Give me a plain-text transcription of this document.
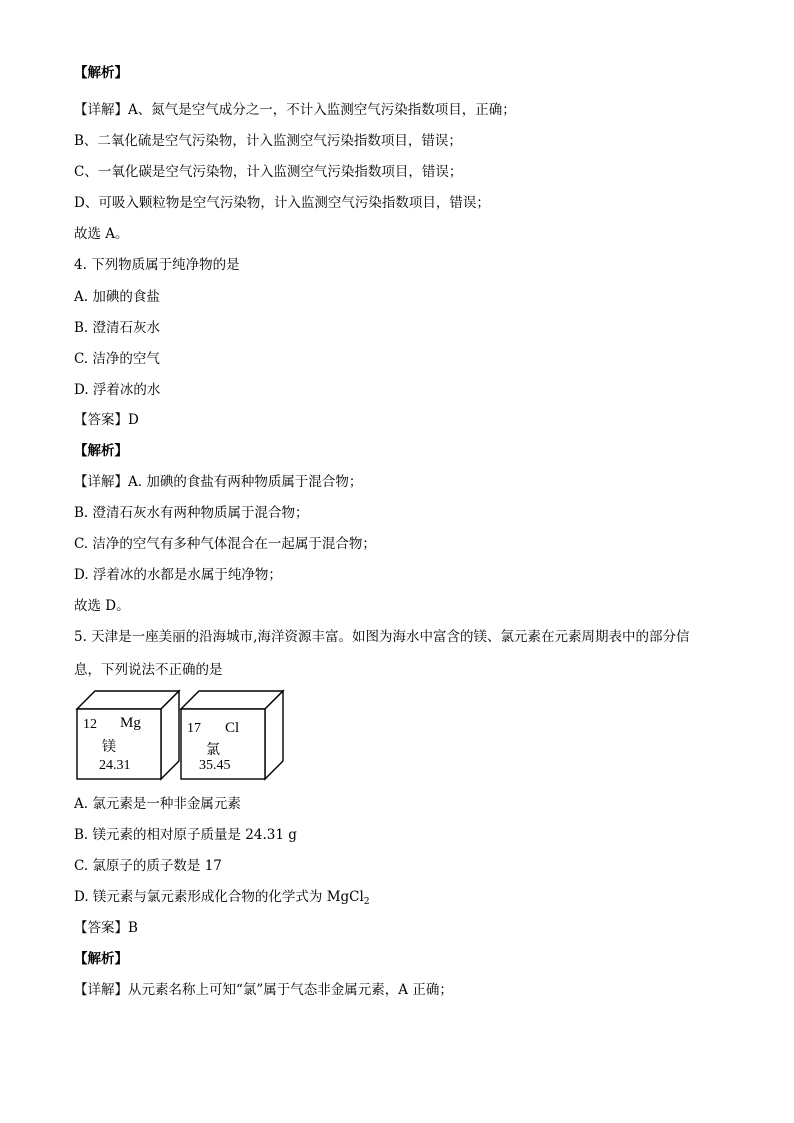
【解析】
【详解】A、氮气是空气成分之一，不计入监测空气污染指数项目，正确；
B、二氧化硫是空气污染物，计入监测空气污染指数项目，错误；
C、一氧化碳是空气污染物，计入监测空气污染指数项目，错误；
D、可吸入颗粒物是空气污染物，计入监测空气污染指数项目，错误；
故选 A。
4. 下列物质属于纯净物的是
A. 加碘的食盐
B. 澄清石灰水
C. 洁净的空气
D. 浮着冰的水
【答案】D
【解析】
【详解】A. 加碘的食盐有两种物质属于混合物；
B. 澄清石灰水有两种物质属于混合物；
C. 洁净的空气有多种气体混合在一起属于混合物；
D. 浮着冰的水都是水属于纯净物；
故选 D。
5. 天津是一座美丽的沿海城市,海洋资源丰富。如图为海水中富含的镁、氯元素在元素周期表中的部分信
息，下列说法不正确的是
A. 氯元素是一种非金属元素
B. 镁元素的相对原子质量是 24.31 g
C. 氯原子的质子数是 17
D. 镁元素与氯元素形成化合物的化学式为 MgCl$_2$
【答案】B
【解析】
【详解】从元素名称上可知“氯”属于气态非金属元素，A 正确；
12 Mg
镁
24.31
17 Cl
氯
35.45
